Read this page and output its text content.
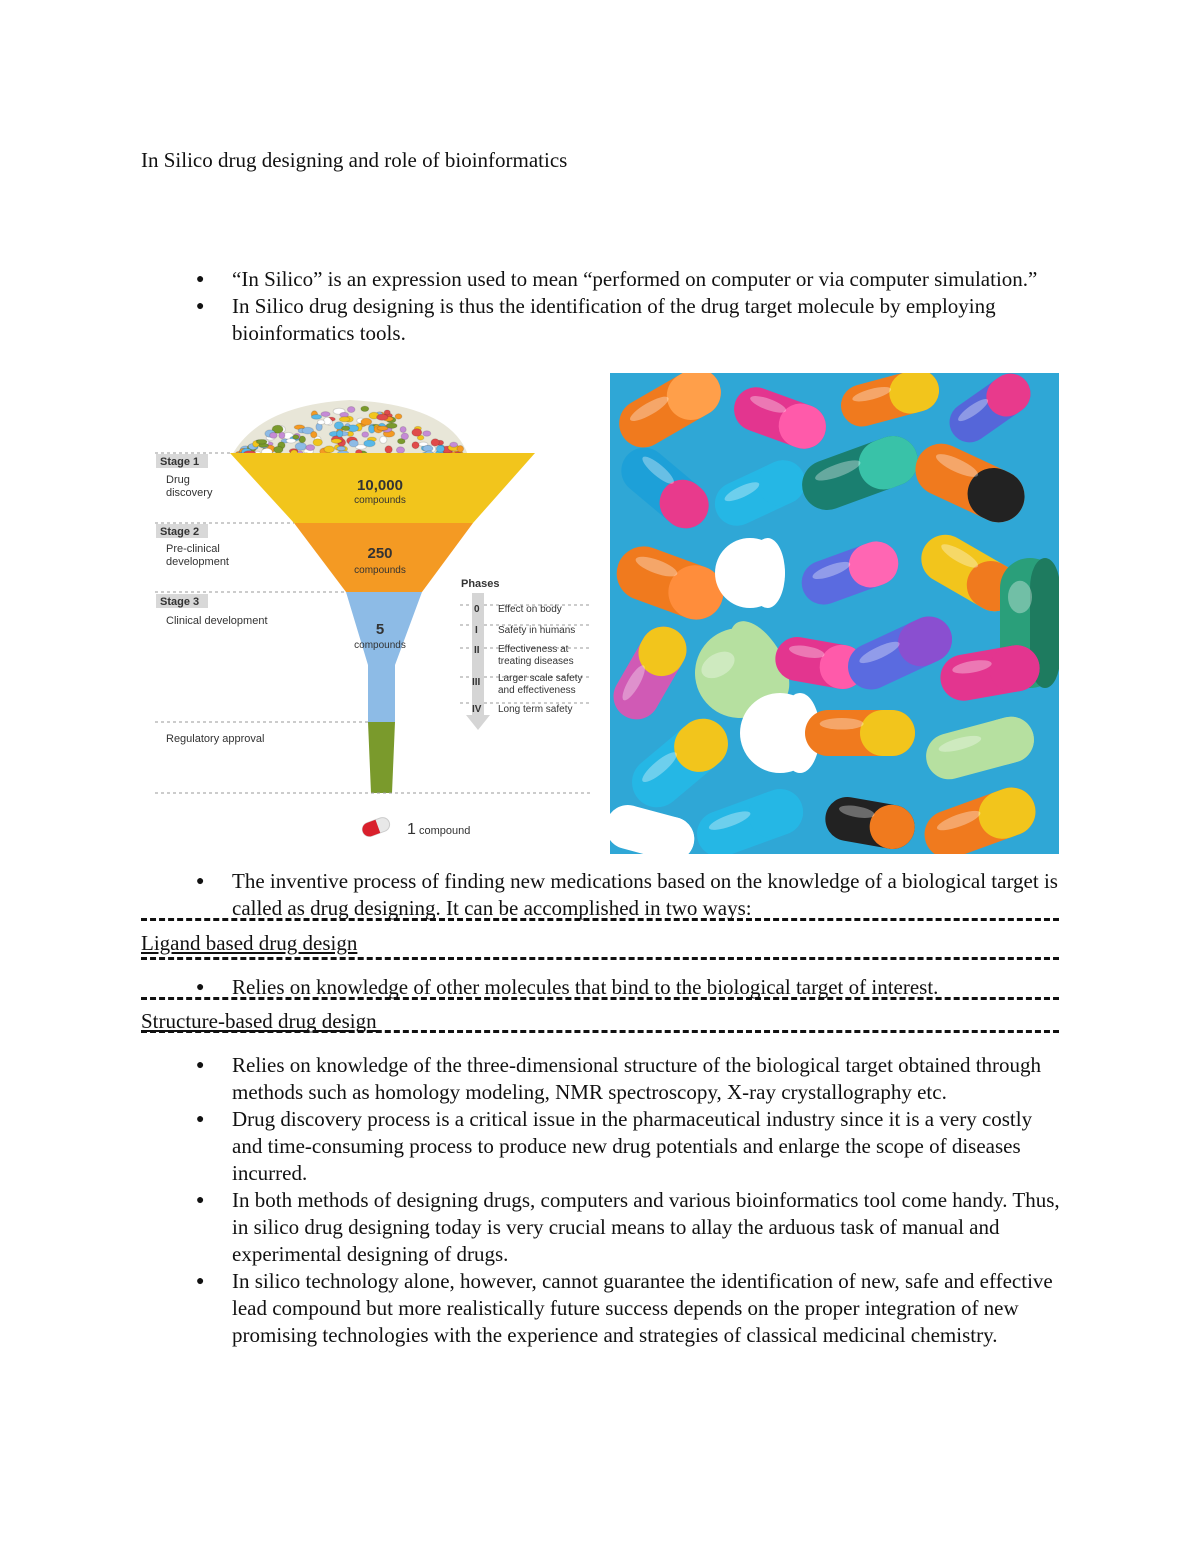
In Silico drug designing and role of bioinformatics
● “In Silico” is an expression used to mean “performed on computer or via computer simulation.”
● In Silico drug designing is thus the identification of the drug target molecule by employing bioinformatics tools.
Stage 1
Drug
discovery
Stage 2
Pre-clinical
development
Stage 3
Clinical development
Regulatory approval
10,000
compounds
250
compounds
5
compounds
Phases
0 Effect on body
I Safety in humans
II Effectiveness at
treating diseases
III Larger scale safety
and effectiveness
IV Long term safety
1 compound
● The inventive process of finding new medications based on the knowledge of a biological target is called as drug designing. It can be accomplished in two ways:
Ligand based drug design
● Relies on knowledge of other molecules that bind to the biological target of interest.
Structure-based drug design
● Relies on knowledge of the three-dimensional structure of the biological target obtained through methods such as homology modeling, NMR spectroscopy, X-ray crystallography etc.
● Drug discovery process is a critical issue in the pharmaceutical industry since it is a very costly and time-consuming process to produce new drug potentials and enlarge the scope of diseases incurred.
● In both methods of designing drugs, computers and various bioinformatics tool come handy. Thus, in silico drug designing today is very crucial means to allay the arduous task of manual and experimental designing of drugs.
● In silico technology alone, however, cannot guarantee the identification of new, safe and effective lead compound but more realistically future success depends on the proper integration of new promising technologies with the experience and strategies of classical medicinal chemistry.
